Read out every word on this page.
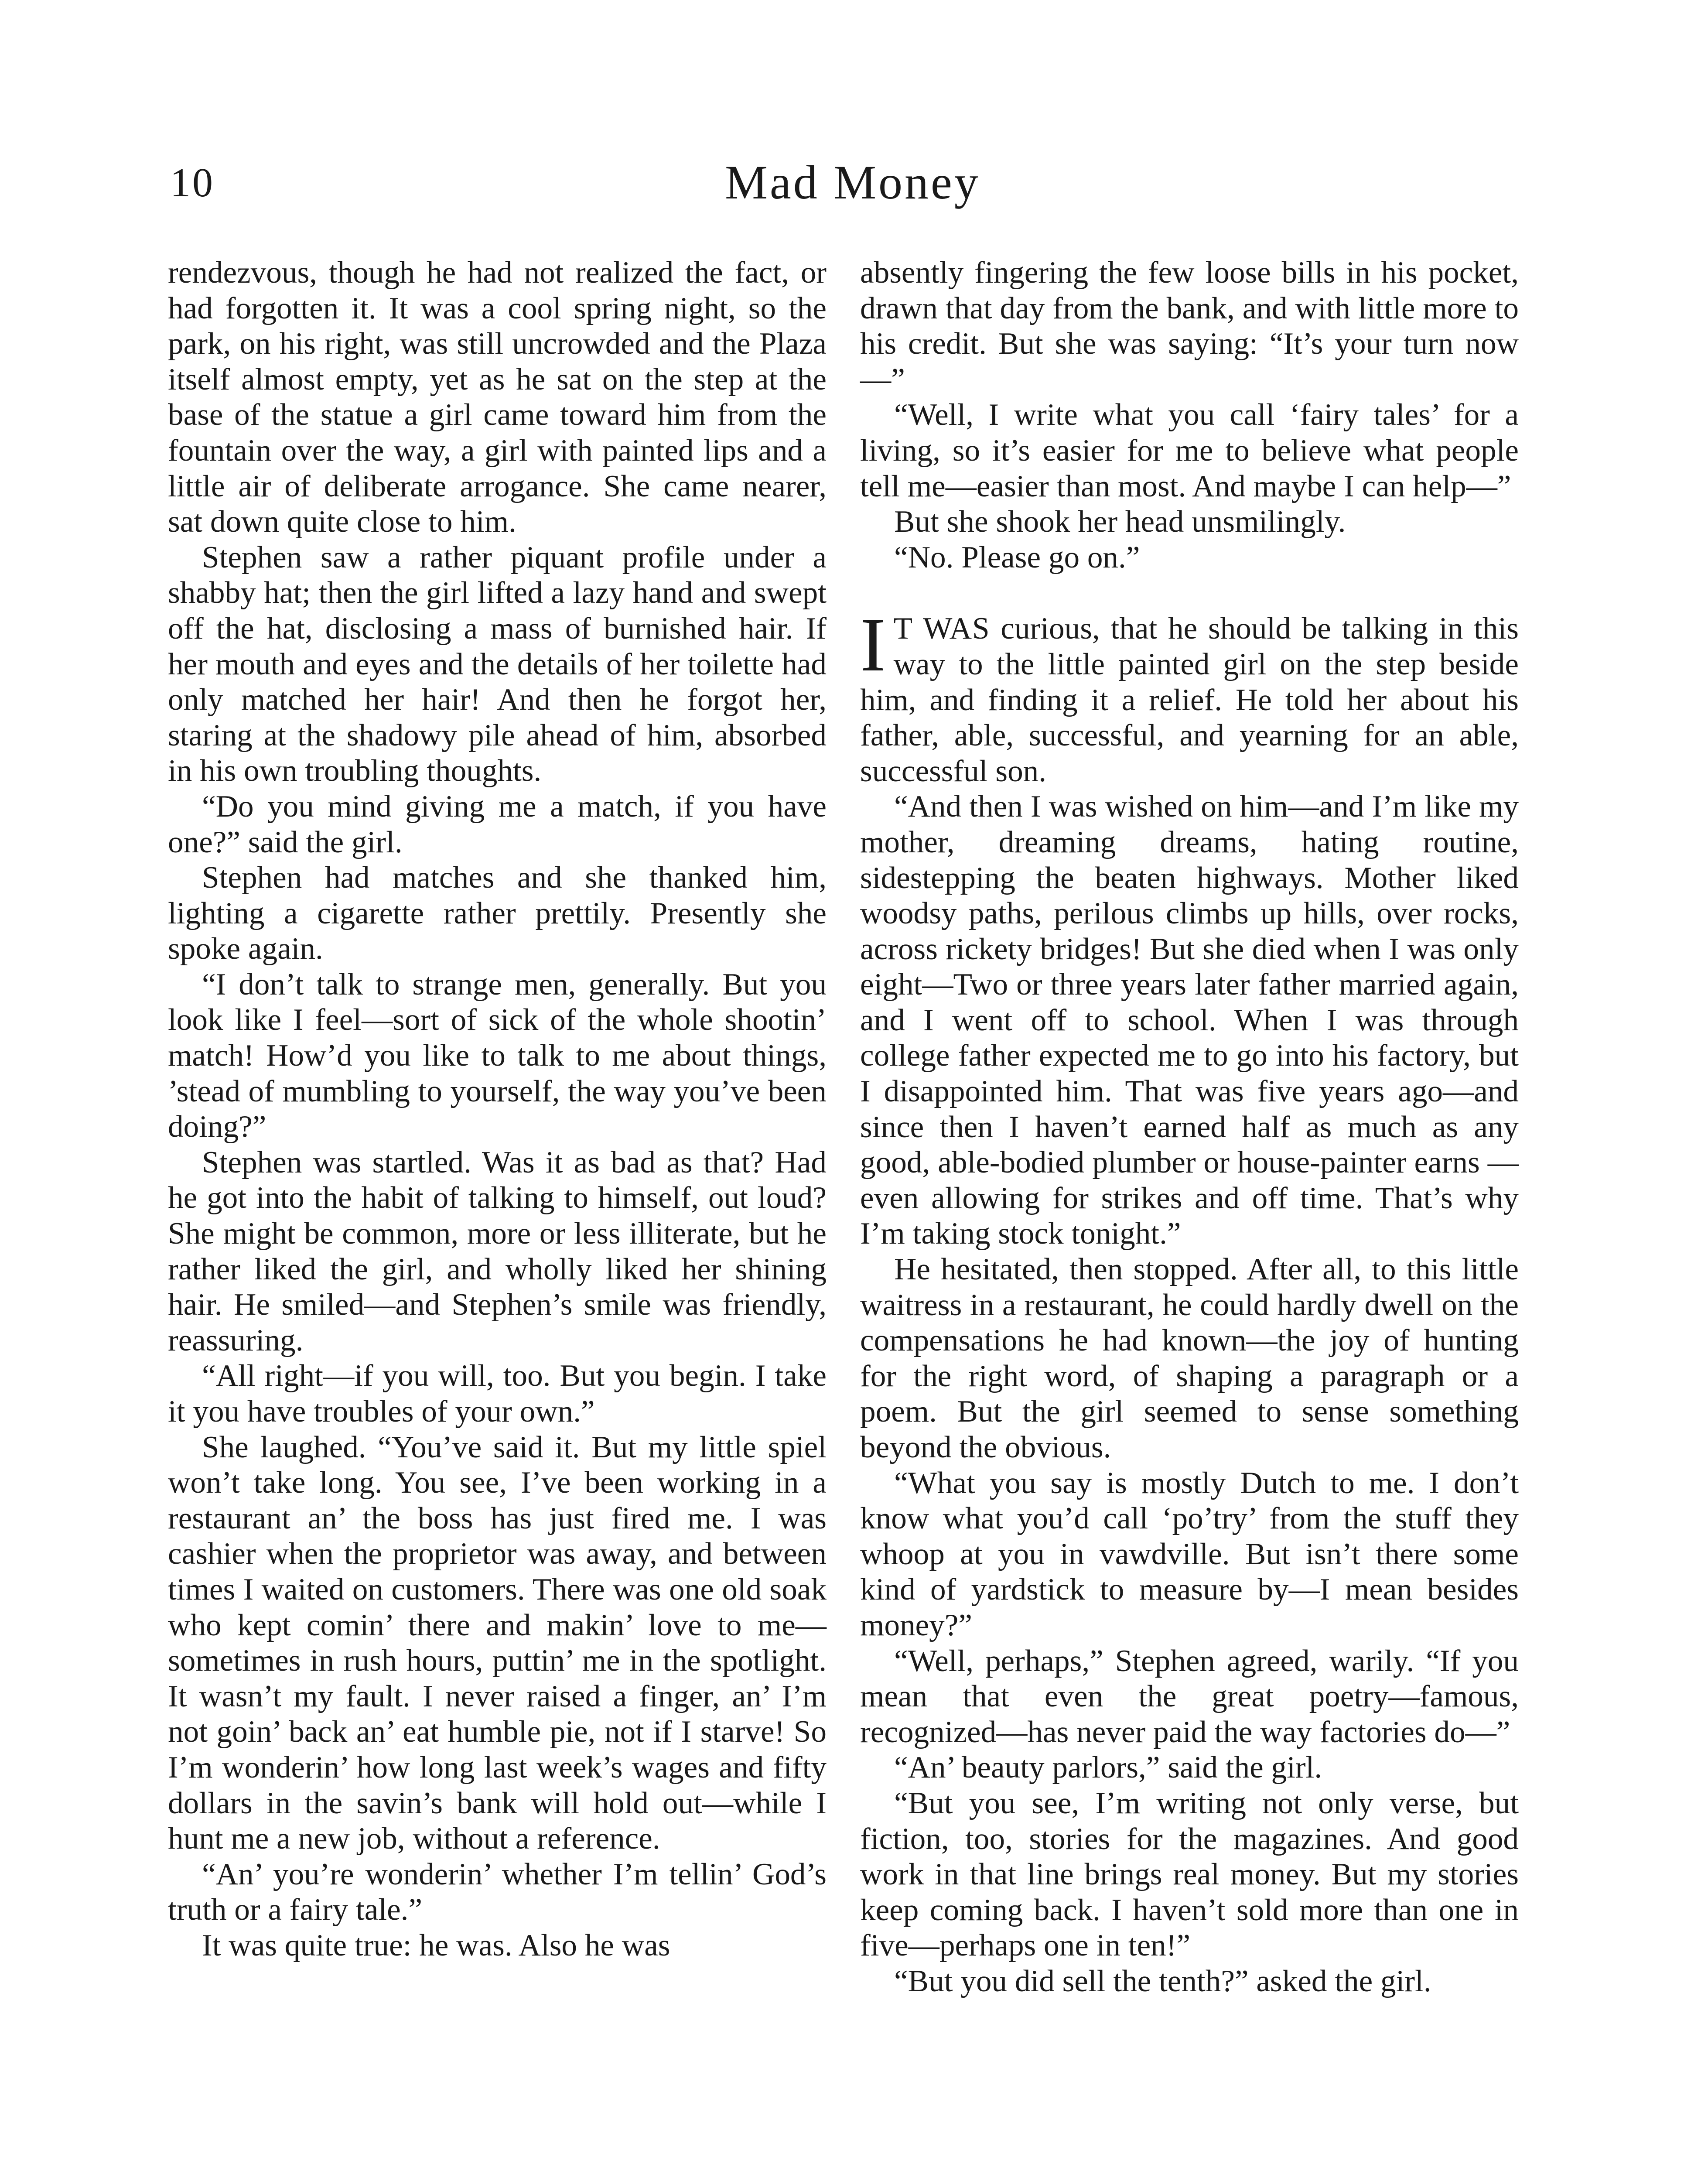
10	Mad Money

rendezvous, though he had not realized the fact, or had forgotten it. It was a cool spring night, so the park, on his right, was still uncrowded and the Plaza itself almost empty, yet as he sat on the step at the base of the statue a girl came toward him from the fountain over the way, a girl with painted lips and a little air of deliberate arrogance. She came nearer, sat down quite close to him.

Stephen saw a rather piquant profile under a shabby hat; then the girl lifted a lazy hand and swept off the hat, disclosing a mass of burnished hair. If her mouth and eyes and the details of her toilette had only matched her hair! And then he forgot her, staring at the shadowy pile ahead of him, absorbed in his own troubling thoughts.

“Do you mind giving me a match, if you have one?” said the girl.

Stephen had matches and she thanked him, lighting a cigarette rather prettily. Presently she spoke again.

“I don’t talk to strange men, generally. But you look like I feel—sort of sick of the whole shootin’ match! How’d you like to talk to me about things, ’stead of mumbling to yourself, the way you’ve been doing?”

Stephen was startled. Was it as bad as that? Had he got into the habit of talking to himself, out loud? She might be common, more or less illiterate, but he rather liked the girl, and wholly liked her shining hair. He smiled—and Stephen’s smile was friendly, reassuring.

“All right—if you will, too. But you begin. I take it you have troubles of your own.”

She laughed. “You’ve said it. But my little spiel won’t take long. You see, I’ve been working in a restaurant an’ the boss has just fired me. I was cashier when the proprietor was away, and between times I waited on customers. There was one old soak who kept comin’ there and makin’ love to me—sometimes in rush hours, puttin’ me in the spotlight. It wasn’t my fault. I never raised a finger, an’ I’m not goin’ back an’ eat humble pie, not if I starve! So I’m wonderin’ how long last week’s wages and fifty dollars in the savin’s bank will hold out—while I hunt me a new job, without a reference.

“An’ you’re wonderin’ whether I’m tellin’ God’s truth or a fairy tale.”

It was quite true: he was. Also he was

absently fingering the few loose bills in his pocket, drawn that day from the bank, and with little more to his credit. But she was saying: “It’s your turn now—”

“Well, I write what you call ‘fairy tales’ for a living, so it’s easier for me to believe what people tell me—easier than most. And maybe I can help—”

But she shook her head unsmilingly.

“No. Please go on.”

I T WAS curious, that he should be talking in this way to the little painted girl on the step beside him, and finding it a relief. He told her about his father, able, successful, and yearning for an able, successful son.

“And then I was wished on him—and I’m like my mother, dreaming dreams, hating routine, sidestepping the beaten highways. Mother liked woodsy paths, perilous climbs up hills, over rocks, across rickety bridges! But she died when I was only eight—Two or three years later father married again, and I went off to school. When I was through college father expected me to go into his factory, but I disappointed him. That was five years ago—and since then I haven’t earned half as much as any good, able-bodied plumber or house-painter earns —even allowing for strikes and off time. That’s why I’m taking stock tonight.”

He hesitated, then stopped. After all, to this little waitress in a restaurant, he could hardly dwell on the compensations he had known—the joy of hunting for the right word, of shaping a paragraph or a poem. But the girl seemed to sense something beyond the obvious.

“What you say is mostly Dutch to me. I don’t know what you’d call ‘po’try’ from the stuff they whoop at you in vawdville. But isn’t there some kind of yardstick to measure by—I mean besides money?”

“Well, perhaps,” Stephen agreed, warily. “If you mean that even the great poetry—famous, recognized—has never paid the way factories do—”

“An’ beauty parlors,” said the girl.

“But you see, I’m writing not only verse, but fiction, too, stories for the magazines. And good work in that line brings real money. But my stories keep coming back. I haven’t sold more than one in five—perhaps one in ten!”

“But you did sell the tenth?” asked the girl.
